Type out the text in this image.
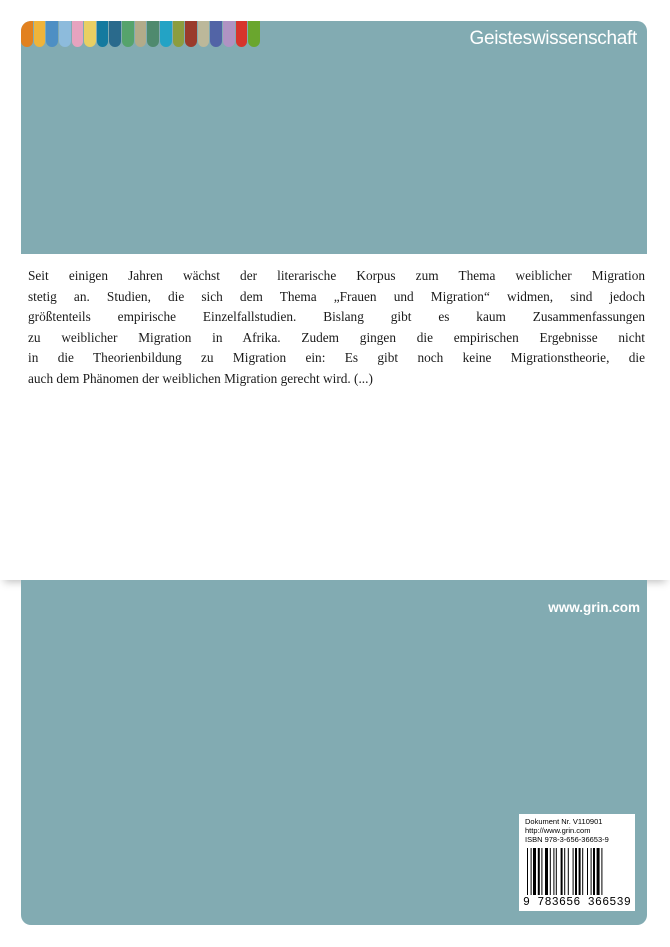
Geisteswissenschaft
Seit einigen Jahren wächst der literarische Korpus zum Thema weiblicher Migration
stetig an. Studien, die sich dem Thema „Frauen und Migration“ widmen, sind jedoch
größtenteils empirische Einzelfallstudien. Bislang gibt es kaum Zusammenfassungen
zu weiblicher Migration in Afrika. Zudem gingen die empirischen Ergebnisse nicht
in die Theorienbildung zu Migration ein: Es gibt noch keine Migrationstheorie, die
auch dem Phänomen der weiblichen Migration gerecht wird. (...)
www.grin.com
Dokument Nr. V110901
http://www.grin.com
ISBN 978-3-656-36653-9
9 783656 366539
